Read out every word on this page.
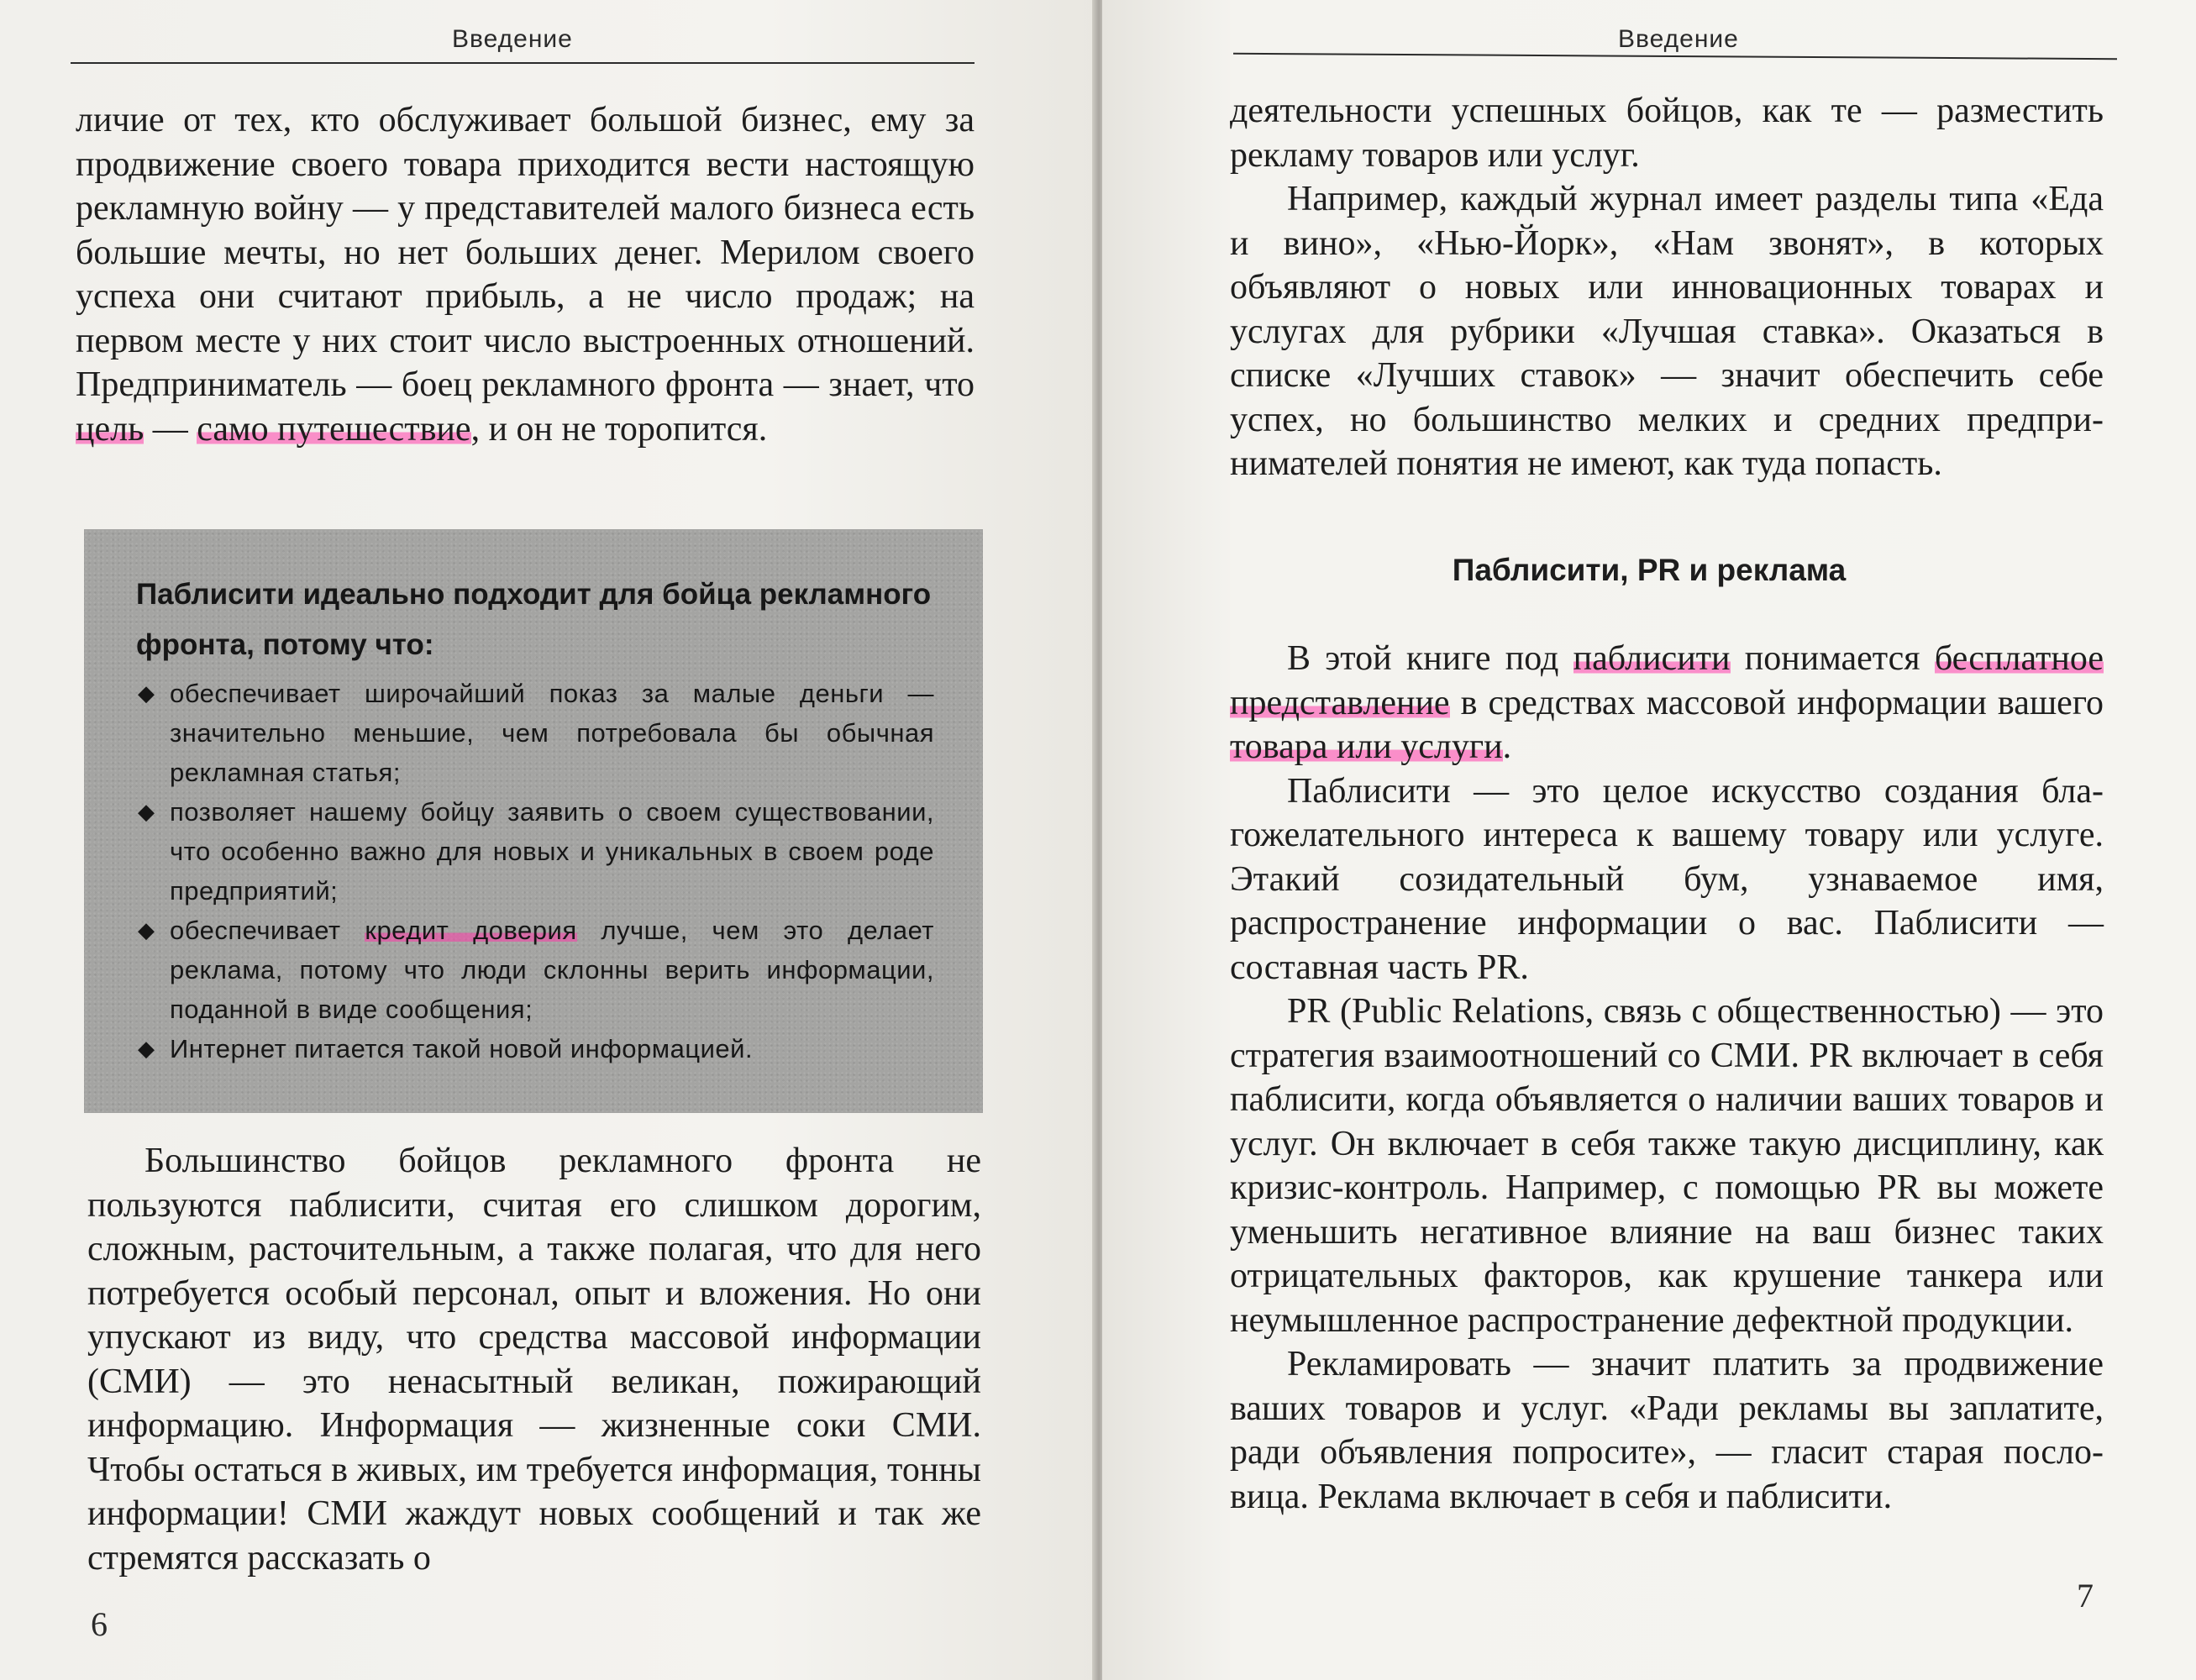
Введение

личие от тех, кто обслуживает большой бизнес, ему за продвижение своего товара приходится вести настоящую рекламную войну — у представителей малого бизнеса есть большие мечты, но нет больших денег. Мерилом своего успеха они считают прибыль, а не число продаж; на первом месте у них стоит число выстроенных отношений. Предприниматель — боец рекламного фронта — знает, что цель — само путешествие, и он не торопится.

Паблисити идеально подходит для бойца рекламного фронта, потому что:
◆ обеспечивает широчайший показ за малые деньги — значительно меньшие, чем потребовала бы обычная рекламная статья;
◆ позволяет нашему бойцу заявить о своем существовании, что особенно важно для новых и уникальных в своем роде предприятий;
◆ обеспечивает кредит доверия лучше, чем это делает реклама, потому что люди склонны верить информации, поданной в виде сообщения;
◆ Интернет питается такой новой информацией.

Большинство бойцов рекламного фронта не пользуются паблисити, считая его слишком дорогим, сложным, расточительным, а также полагая, что для него потребуется особый персонал, опыт и вложения. Но они упускают из виду, что средства массовой информации (СМИ) — это ненасытный великан, пожирающий информацию. Информация — жизненные соки СМИ. Чтобы остаться в живых, им требуется информация, тонны информации! СМИ жаждут новых сообщений и так же стремятся рассказать о

6
Введение

деятельности успешных бойцов, как те — разместить рекламу товаров или услуг.

Например, каждый журнал имеет разделы типа «Еда и вино», «Нью-Йорк», «Нам звонят», в которых объявляют о новых или инновационных товарах и услугах для рубрики «Лучшая ставка». Оказаться в списке «Лучших ставок» — значит обеспечить себе успех, но большинство мелких и средних предпринимателей понятия не имеют, как туда попасть.

В этой книге под паблисити понимается бесплатное представление в средствах массовой информации вашего товара или услуги.

Паблисити — это целое искусство создания благожелательного интереса к вашему товару или услуге. Этакий созидательный бум, узнаваемое имя, распространение информации о вас. Паблисити — составная часть PR.

PR (Public Relations, связь с общественностью) — это стратегия взаимоотношений со СМИ. PR включает в себя паблисити, когда объявляется о наличии ваших товаров и услуг. Он включает в себя также такую дисциплину, как кризис-контроль. Например, с помощью PR вы можете уменьшить негативное влияние на ваш бизнес таких отрицательных факторов, как крушение танкера или неумышленное распространение дефектной продукции.

Рекламировать — значит платить за продвижение ваших товаров и услуг. «Ради рекламы вы заплатите, ради объявления попросите», — гласит старая пословица. Реклама включает в себя и паблисити.

7
Паблисити, PR и реклама
